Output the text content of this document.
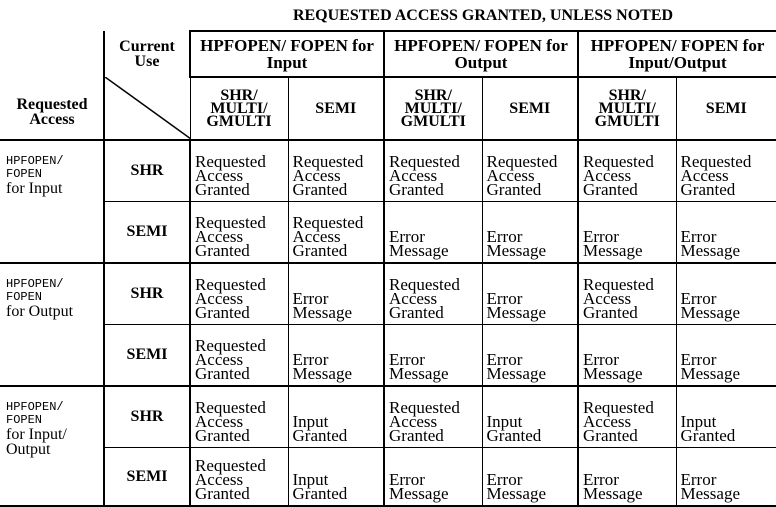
		REQUESTED ACCESS GRANTED, UNLESS NOTED					

Requested Access	Current Use	HPFOPEN/ FOPEN for Input		HPFOPEN/ FOPEN for Output		HPFOPEN/ FOPEN for Input/Output	

	SHR/ MULTI/ GMULTI	SEMI	SHR/ MULTI/ GMULTI	SEMI	SHR/ MULTI/ GMULTI	SEMI

HPFOPEN/ FOPEN
for Input	SHR	Requested
Access
Granted	Requested
Access
Granted	Requested
Access
Granted	Requested
Access
Granted	Requested
Access
Granted	Requested
Access
Granted

	SEMI	Requested
Access
Granted	Requested
Access
Granted	Error
Message	Error
Message	Error
Message	Error
Message

HPFOPEN/ FOPEN
for Output	SHR	Requested
Access
Granted	Error
Message	Requested
Access
Granted	Error
Message	Requested
Access
Granted	Error
Message

	SEMI	Requested
Access
Granted	Error
Message	Error
Message	Error
Message	Error
Message	Error
Message

HPFOPEN/ FOPEN
for Input/ Output	SHR	Requested
Access
Granted	Input
Granted	Requested
Access
Granted	Input
Granted	Requested
Access
Granted	Input
Granted

	SEMI	Requested
Access
Granted	Input
Granted	Error
Message	Error
Message	Error
Message	Error
Message
